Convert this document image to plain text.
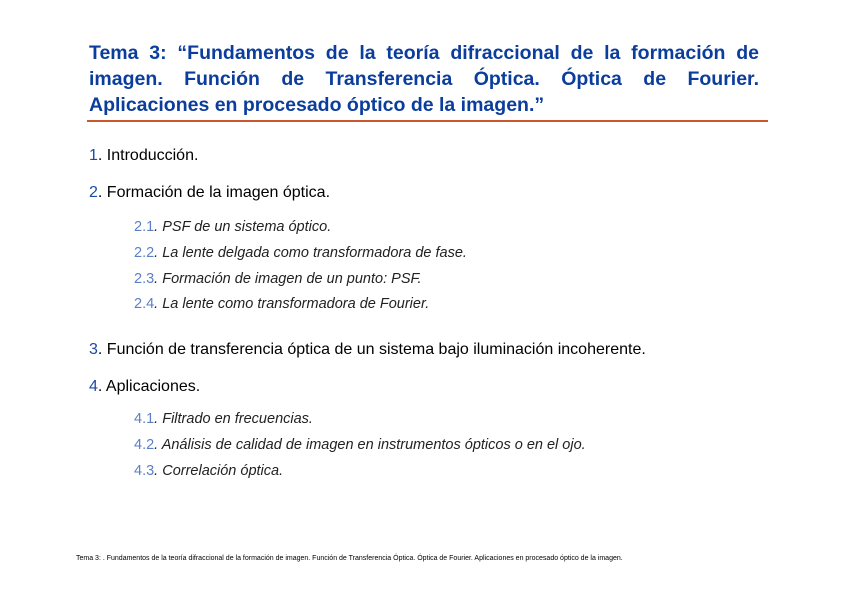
Tema 3: “Fundamentos de la teoría difraccional de la formación de imagen. Función de Transferencia Óptica. Óptica de Fourier. Aplicaciones en procesado óptico de la imagen.”
1. Introducción.
2. Formación de la imagen óptica.
2.1. PSF de un sistema óptico.
2.2. La lente delgada como transformadora de fase.
2.3. Formación de imagen de un punto: PSF.
2.4. La lente como transformadora de Fourier.
3. Función de transferencia óptica de un sistema bajo iluminación incoherente.
4. Aplicaciones.
4.1. Filtrado en frecuencias.
4.2. Análisis de calidad de imagen en instrumentos ópticos o en el ojo.
4.3. Correlación óptica.
Tema 3: . Fundamentos de la teoría difraccional de la formación de imagen. Función de Transferencia Óptica. Óptica de Fourier. Aplicaciones en procesado óptico de la imagen.
